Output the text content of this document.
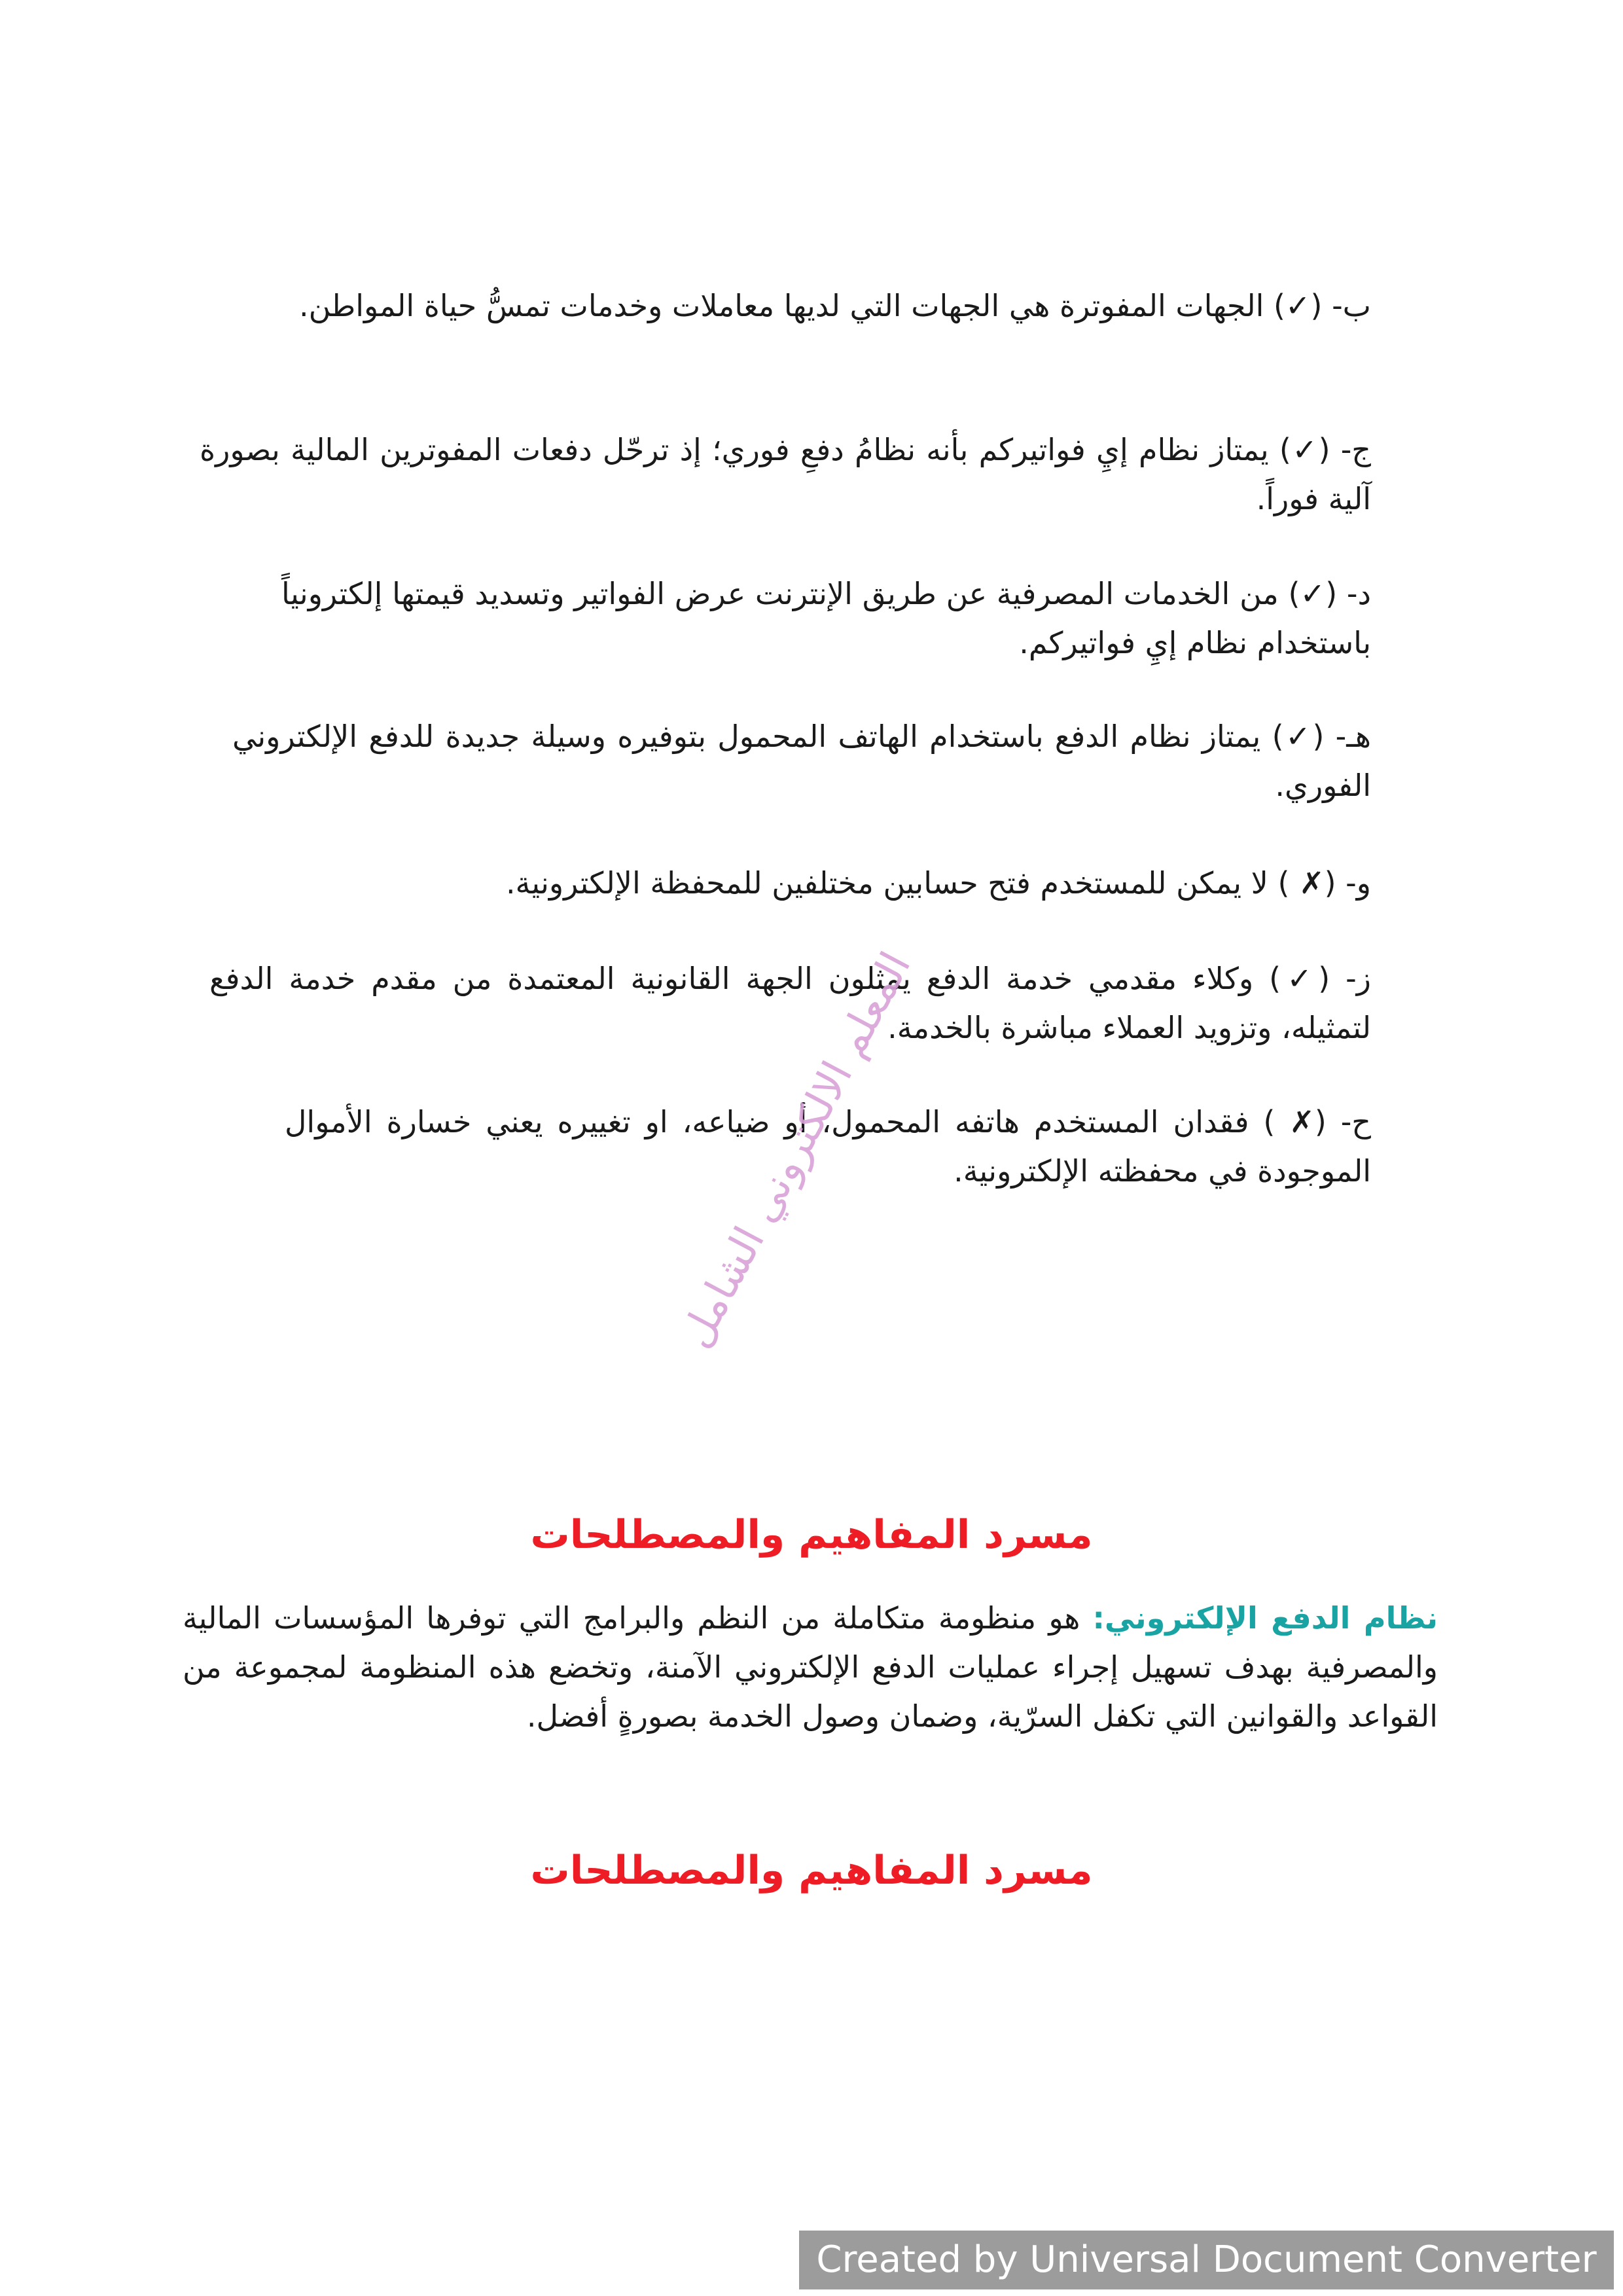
ب- (✓) الجهات المفوترة هي الجهات التي لديها معاملات وخدمات تمسُّ حياة المواطن.

ج- (✓) يمتاز نظام إيِ فواتيركم بأنه نظامُ دفعِ فوري؛ إذ ترحّل دفعات المفوترين المالية بصورة آلية فوراً.

د- (✓) من الخدمات المصرفية عن طريق الإنترنت عرض الفواتير وتسديد قيمتها إلكترونياً باستخدام نظام إيِ فواتيركم.

هـ- (✓) يمتاز نظام الدفع باستخدام الهاتف المحمول بتوفيره وسيلة جديدة للدفع الإلكتروني الفوري.

و- (✗ ) لا يمكن للمستخدم فتح حسابين مختلفين للمحفظة الإلكترونية.

ز- (✓) وكلاء مقدمي خدمة الدفع يمثلون الجهة القانونية المعتمدة من مقدم خدمة الدفع لتمثيله، وتزويد العملاء مباشرة بالخدمة.

ح- (✗ ) فقدان المستخدم هاتفه المحمول، أو ضياعه، او تغييره يعني خسارة الأموال الموجودة في محفظته الإلكترونية.

المعلم الالكتروني الشامل
مسرد المفاهيم والمصطلحات

نظام الدفع الإلكتروني: هو منظومة متكاملة من النظم والبرامج التي توفرها المؤسسات المالية والمصرفية بهدف تسهيل إجراء عمليات الدفع الإلكتروني الآمنة، وتخضع هذه المنظومة لمجموعة من القواعد والقوانين التي تكفل السرّية، وضمان وصول الخدمة بصورةٍ أفضل.

مسرد المفاهيم والمصطلحات
Created by Universal Document Converter
